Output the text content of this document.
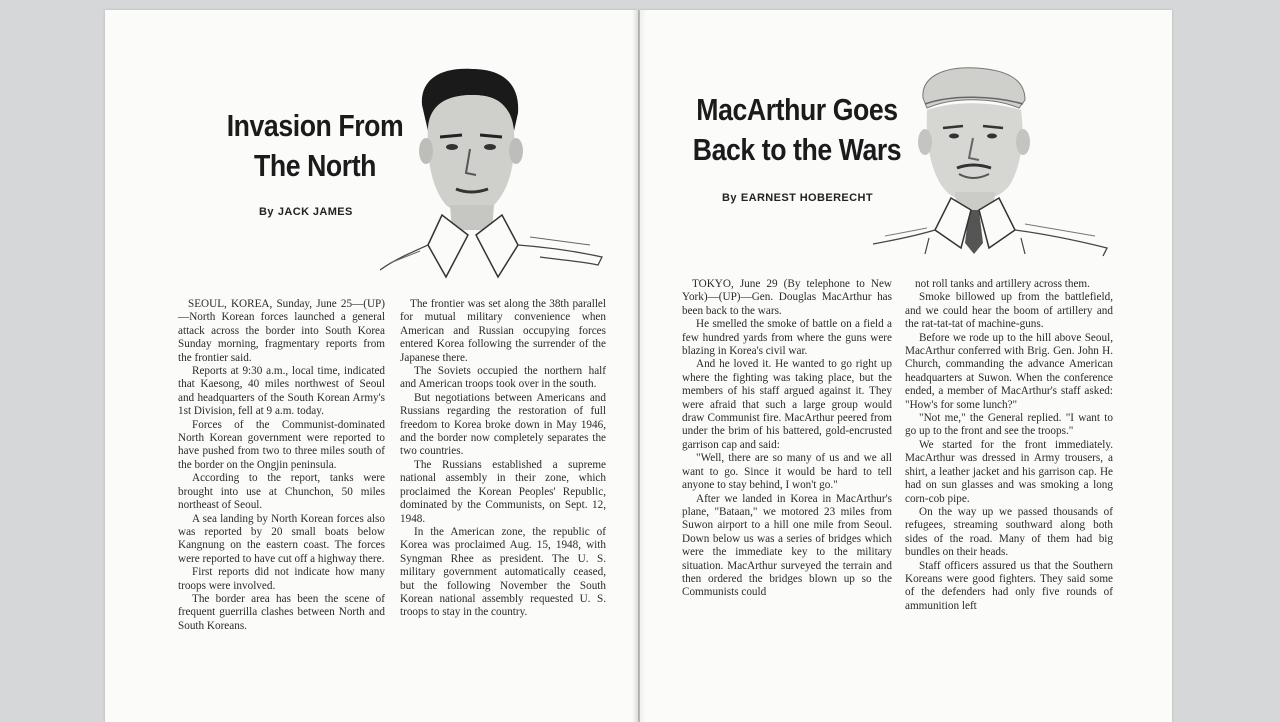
Invasion From
The North
By JACK JAMES

SEOUL, KOREA, Sunday, June 25—(UP)—North Korean forces launched a general attack across the border into South Korea Sunday morning, fragmentary reports from the frontier said.

Reports at 9:30 a.m., local time, indicated that Kaesong, 40 miles northwest of Seoul and headquarters of the South Korean Army's 1st Division, fell at 9 a.m. today.

Forces of the Communist-dominated North Korean government were reported to have pushed from two to three miles south of the border on the Ongjin peninsula.

According to the report, tanks were brought into use at Chunchon, 50 miles northeast of Seoul.

A sea landing by North Korean forces also was reported by 20 small boats below Kangnung on the eastern coast. The forces were reported to have cut off a highway there.

First reports did not indicate how many troops were involved.

The border area has been the scene of frequent guerrilla clashes between North and South Koreans.

The frontier was set along the 38th parallel for mutual military convenience when American and Russian occupying forces entered Korea following the surrender of the Japanese there.

The Soviets occupied the northern half and American troops took over in the south.

But negotiations between Americans and Russians regarding the restoration of full freedom to Korea broke down in May 1946, and the border now completely separates the two countries.

The Russians established a supreme national assembly in their zone, which proclaimed the Korean Peoples' Republic, dominated by the Communists, on Sept. 12, 1948.

In the American zone, the republic of Korea was proclaimed Aug. 15, 1948, with Syngman Rhee as president. The U. S. military government automatically ceased, but the following November the South Korean national assembly requested U. S. troops to stay in the country.

MacArthur Goes
Back to the Wars
By EARNEST HOBERECHT

TOKYO, June 29 (By telephone to New York)—(UP)—Gen. Douglas MacArthur has been back to the wars.

He smelled the smoke of battle on a field a few hundred yards from where the guns were blazing in Korea's civil war.

And he loved it. He wanted to go right up where the fighting was taking place, but the members of his staff argued against it. They were afraid that such a large group would draw Communist fire. MacArthur peered from under the brim of his battered, gold-encrusted garrison cap and said:

"Well, there are so many of us and we all want to go. Since it would be hard to tell anyone to stay behind, I won't go."

After we landed in Korea in MacArthur's plane, "Bataan," we motored 23 miles from Suwon airport to a hill one mile from Seoul. Down below us was a series of bridges which were the immediate key to the military situation. MacArthur surveyed the terrain and then ordered the bridges blown up so the Communists could

not roll tanks and artillery across them.

Smoke billowed up from the battlefield, and we could hear the boom of artillery and the rat-tat-tat of machine-guns.

Before we rode up to the hill above Seoul, MacArthur conferred with Brig. Gen. John H. Church, commanding the advance American headquarters at Suwon. When the conference ended, a member of MacArthur's staff asked: "How's for some lunch?"

"Not me," the General replied. "I want to go up to the front and see the troops."

We started for the front immediately. MacArthur was dressed in Army trousers, a shirt, a leather jacket and his garrison cap. He had on sun glasses and was smoking a long corn-cob pipe.

On the way up we passed thousands of refugees, streaming southward along both sides of the road. Many of them had big bundles on their heads.

Staff officers assured us that the Southern Koreans were good fighters. They said some of the defenders had only five rounds of ammunition left
